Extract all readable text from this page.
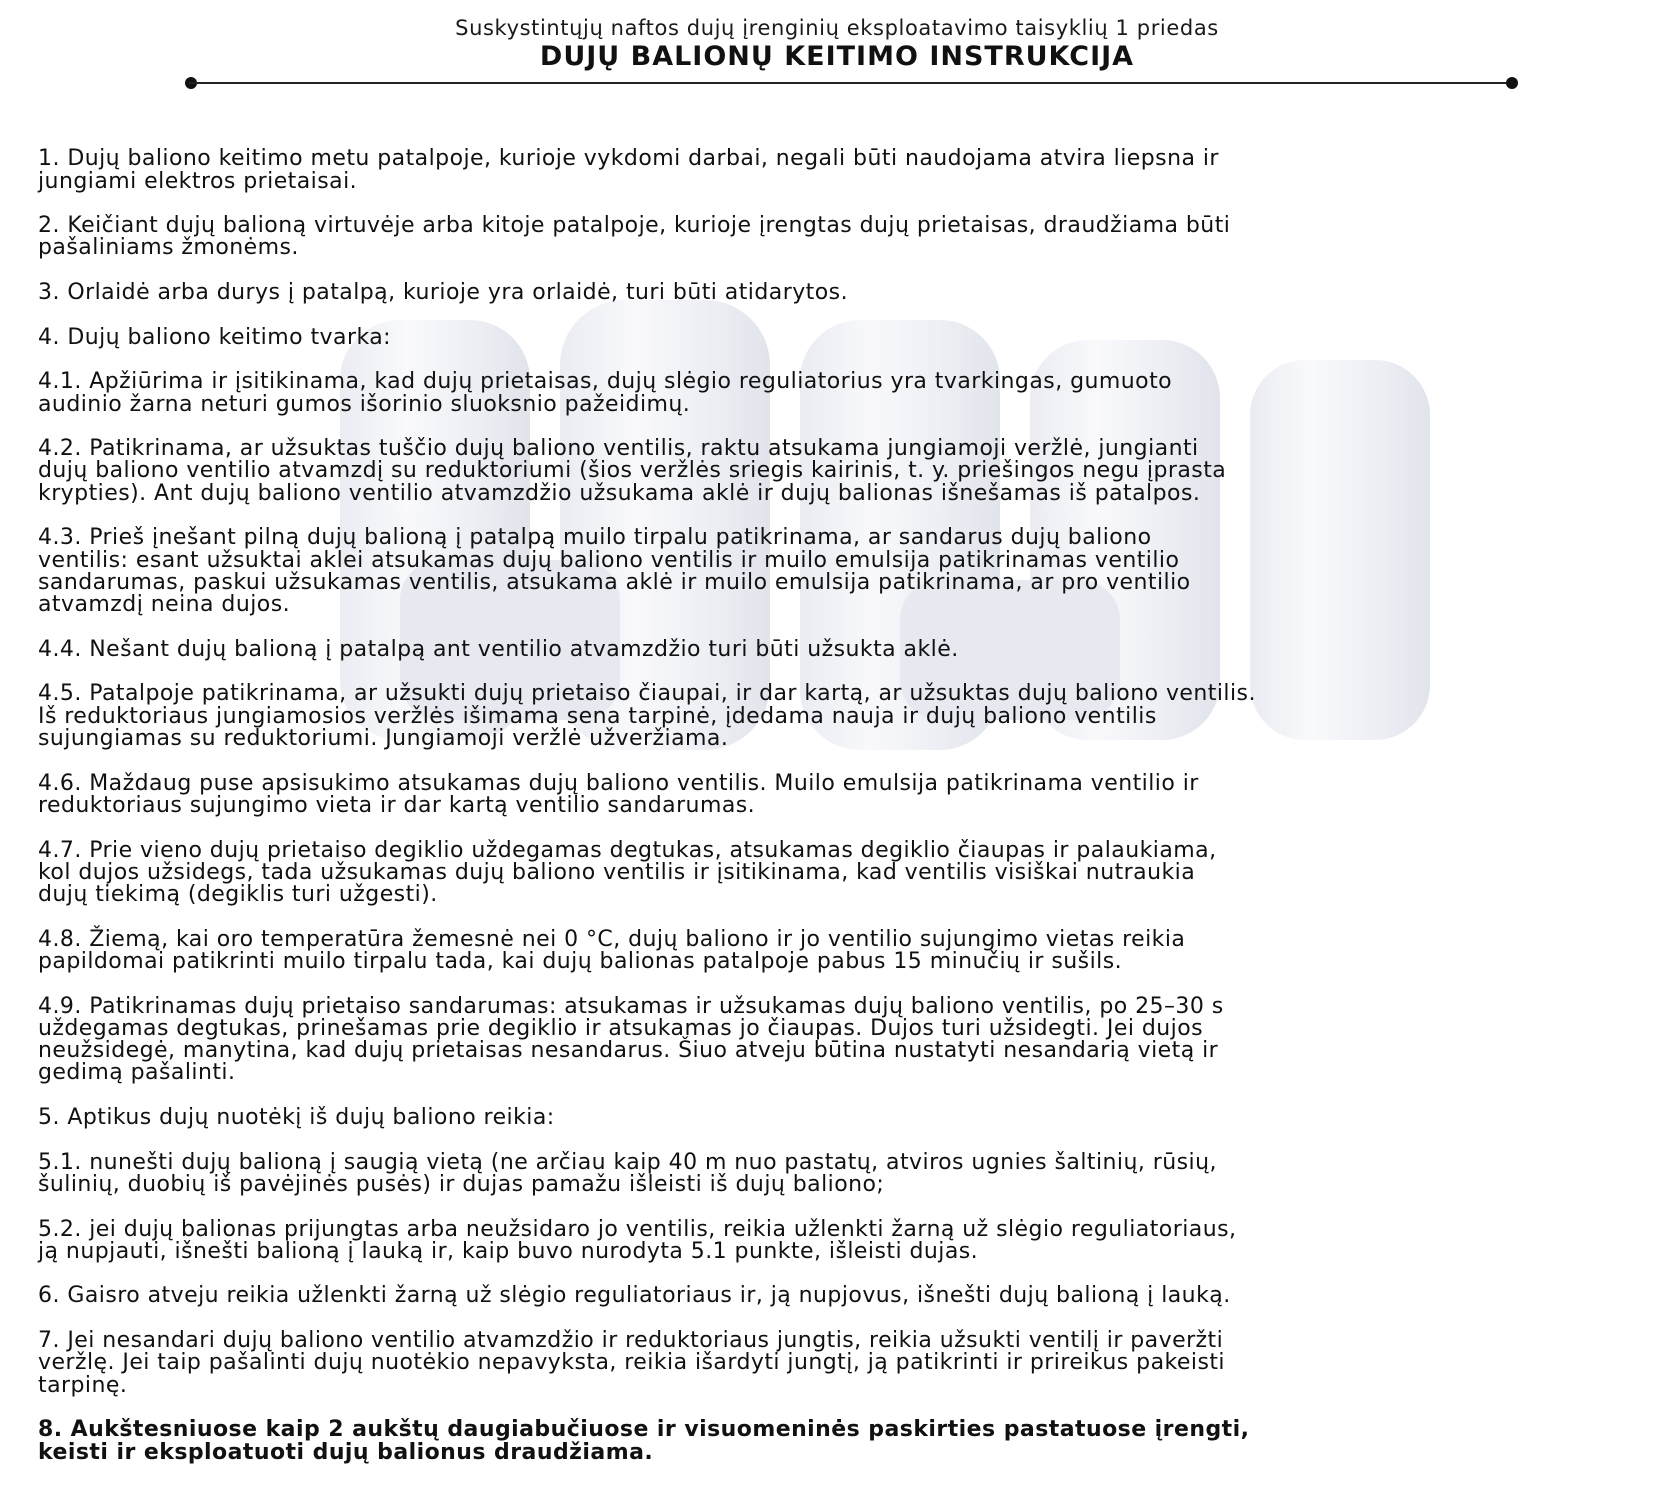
Suskystintųjų naftos dujų įrenginių eksploatavimo taisyklių 1 priedas
DUJŲ BALIONŲ KEITIMO INSTRUKCIJA

1. Dujų baliono keitimo metu patalpoje, kurioje vykdomi darbai, negali būti naudojama atvira liepsna ir
jungiami elektros prietaisai.

2. Keičiant dujų balioną virtuvėje arba kitoje patalpoje, kurioje įrengtas dujų prietaisas, draudžiama būti
pašaliniams žmonėms.

3. Orlaidė arba durys į patalpą, kurioje yra orlaidė, turi būti atidarytos.

4. Dujų baliono keitimo tvarka:

4.1. Apžiūrima ir įsitikinama, kad dujų prietaisas, dujų slėgio reguliatorius yra tvarkingas, gumuoto
audinio žarna neturi gumos išorinio sluoksnio pažeidimų.

4.2. Patikrinama, ar užsuktas tuščio dujų baliono ventilis, raktu atsukama jungiamoji veržlė, jungianti
dujų baliono ventilio atvamzdį su reduktoriumi (šios veržlės sriegis kairinis, t. y. priešingos negu įprasta
krypties). Ant dujų baliono ventilio atvamzdžio užsukama aklė ir dujų balionas išnešamas iš patalpos.

4.3. Prieš įnešant pilną dujų balioną į patalpą muilo tirpalu patikrinama, ar sandarus dujų baliono
ventilis: esant užsuktai aklei atsukamas dujų baliono ventilis ir muilo emulsija patikrinamas ventilio
sandarumas, paskui užsukamas ventilis, atsukama aklė ir muilo emulsija patikrinama, ar pro ventilio
atvamzdį neina dujos.

4.4. Nešant dujų balioną į patalpą ant ventilio atvamzdžio turi būti užsukta aklė.

4.5. Patalpoje patikrinama, ar užsukti dujų prietaiso čiaupai, ir dar kartą, ar užsuktas dujų baliono ventilis.
Iš reduktoriaus jungiamosios veržlės išimama sena tarpinė, įdedama nauja ir dujų baliono ventilis
sujungiamas su reduktoriumi. Jungiamoji veržlė užveržiama.

4.6. Maždaug puse apsisukimo atsukamas dujų baliono ventilis. Muilo emulsija patikrinama ventilio ir
reduktoriaus sujungimo vieta ir dar kartą ventilio sandarumas.

4.7. Prie vieno dujų prietaiso degiklio uždegamas degtukas, atsukamas degiklio čiaupas ir palaukiama,
kol dujos užsidegs, tada užsukamas dujų baliono ventilis ir įsitikinama, kad ventilis visiškai nutraukia
dujų tiekimą (degiklis turi užgesti).

4.8. Žiemą, kai oro temperatūra žemesnė nei 0 °C, dujų baliono ir jo ventilio sujungimo vietas reikia
papildomai patikrinti muilo tirpalu tada, kai dujų balionas patalpoje pabus 15 minučių ir sušils.

4.9. Patikrinamas dujų prietaiso sandarumas: atsukamas ir užsukamas dujų baliono ventilis, po 25–30 s
uždegamas degtukas, prinešamas prie degiklio ir atsukamas jo čiaupas. Dujos turi užsidegti. Jei dujos
neužsidegė, manytina, kad dujų prietaisas nesandarus. Šiuo atveju būtina nustatyti nesandarią vietą ir
gedimą pašalinti.

5. Aptikus dujų nuotėkį iš dujų baliono reikia:

5.1. nunešti dujų balioną į saugią vietą (ne arčiau kaip 40 m nuo pastatų, atviros ugnies šaltinių, rūsių,
šulinių, duobių iš pavėjinės pusės) ir dujas pamažu išleisti iš dujų baliono;

5.2. jei dujų balionas prijungtas arba neužsidaro jo ventilis, reikia užlenkti žarną už slėgio reguliatoriaus,
ją nupjauti, išnešti balioną į lauką ir, kaip buvo nurodyta 5.1 punkte, išleisti dujas.

6. Gaisro atveju reikia užlenkti žarną už slėgio reguliatoriaus ir, ją nupjovus, išnešti dujų balioną į lauką.

7. Jei nesandari dujų baliono ventilio atvamzdžio ir reduktoriaus jungtis, reikia užsukti ventilį ir paveržti
veržlę. Jei taip pašalinti dujų nuotėkio nepavyksta, reikia išardyti jungtį, ją patikrinti ir prireikus pakeisti
tarpinę.

8. Aukštesniuose kaip 2 aukštų daugiabučiuose ir visuomeninės paskirties pastatuose įrengti,
keisti ir eksploatuoti dujų balionus draudžiama.
